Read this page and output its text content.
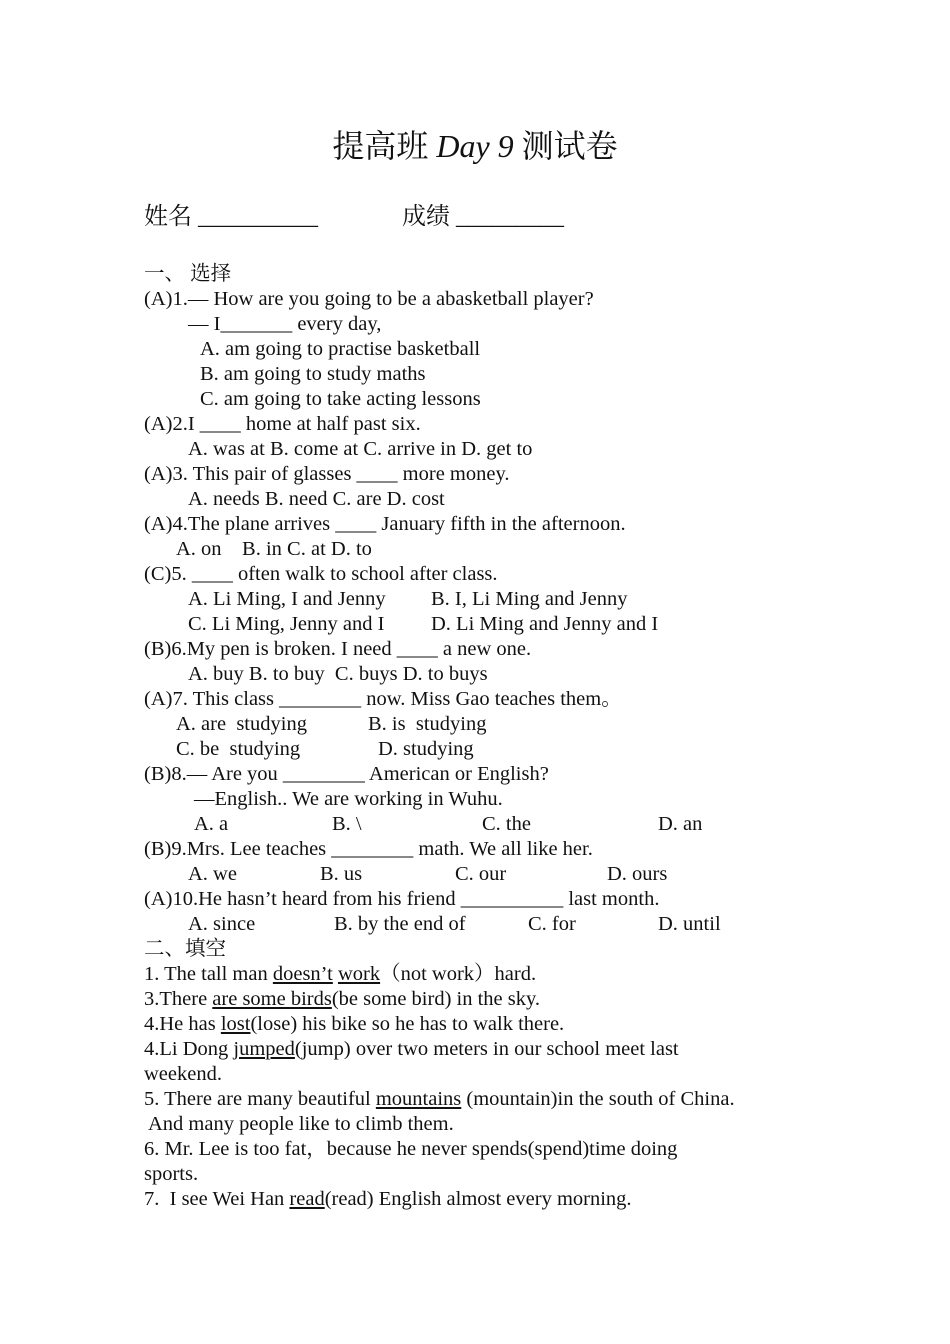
提高班 Day 9 测试卷
姓名 __________	成绩 _________
一、 选择
(A)1.— How are you going to be a abasketball player?
— I_______ every day,
A. am going to practise basketball
B. am going to study maths
C. am going to take acting lessons
(A)2.I ____ home at half past six.
A. was at B. come at C. arrive in D. get to
(A)3. This pair of glasses ____ more money.
A. needs B. need C. are D. cost
(A)4.The plane arrives ____ January fifth in the afternoon.
A. on    B. in C. at D. to
(C)5. ____ often walk to school after class.
A. Li Ming, I and Jenny B. I, Li Ming and Jenny
C. Li Ming, Jenny and I D. Li Ming and Jenny and I
(B)6.My pen is broken. I need ____ a new one.
A. buy B. to buy  C. buys D. to buys
(A)7. This class ________ now. Miss Gao teaches them。
A. are  studying	B. is  studying
C. be  studying	D. studying
(B)8.— Are you ________ American or English?
—English.. We are working in Wuhu.
A. a	B. \	C. the	D. an
(B)9.Mrs. Lee teaches ________ math. We all like her.
A. we	B. us	C. our	D. ours
(A)10.He hasn’t heard from his friend __________ last month.
A. since	B. by the end of	C. for	D. until
二、填空
1. The tall man doesn’t work（not work）hard.
3.There are some birds(be some bird) in the sky.
4.He has lost(lose) his bike so he has to walk there.
4.Li Dong jumped(jump) over two meters in our school meet last
weekend.
5. There are many beautiful mountains (mountain)in the south of China.
And many people like to climb them.
6. Mr. Lee is too fat，because he never spends(spend)time doing
sports.
7.  I see Wei Han read(read) English almost every morning.
